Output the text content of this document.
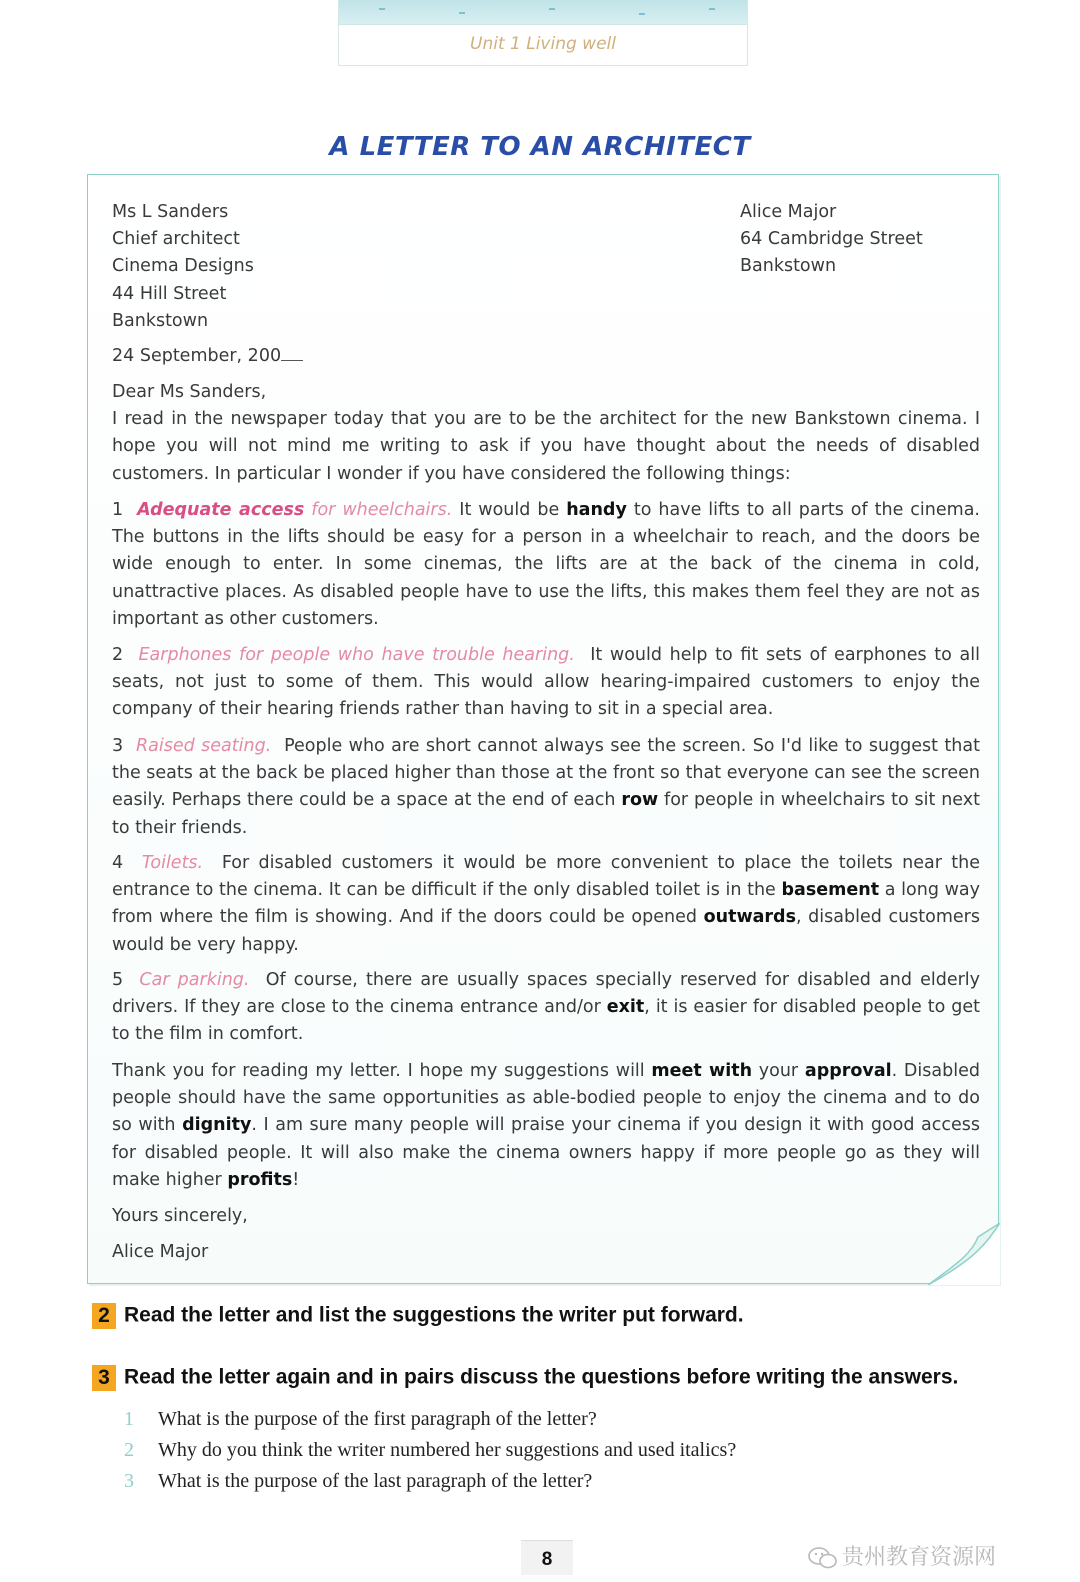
Unit 1 Living well
A LETTER TO AN ARCHITECT
Ms L Sanders
Chief architect
Cinema Designs
44 Hill Street
Bankstown
Alice Major
64 Cambridge Street
Bankstown
24 September, 200

Dear Ms Sanders,

I read in the newspaper today that you are to be the architect for the new Bankstown cinema. I hope you will not mind me writing to ask if you have thought about the needs of disabled customers. In particular I wonder if you have considered the following things:

1 Adequate access for wheelchairs. It would be handy to have lifts to all parts of the cinema. The buttons in the lifts should be easy for a person in a wheelchair to reach, and the doors be wide enough to enter. In some cinemas, the lifts are at the back of the cinema in cold, unattractive places. As disabled people have to use the lifts, this makes them feel they are not as important as other customers.

2 Earphones for people who have trouble hearing. It would help to fit sets of earphones to all seats, not just to some of them. This would allow hearing-impaired customers to enjoy the company of their hearing friends rather than having to sit in a special area.

3 Raised seating. People who are short cannot always see the screen. So I'd like to suggest that the seats at the back be placed higher than those at the front so that everyone can see the screen easily. Perhaps there could be a space at the end of each row for people in wheelchairs to sit next to their friends.

4 Toilets. For disabled customers it would be more convenient to place the toilets near the entrance to the cinema. It can be difficult if the only disabled toilet is in the basement a long way from where the film is showing. And if the doors could be opened outwards, disabled customers would be very happy.

5 Car parking. Of course, there are usually spaces specially reserved for disabled and elderly drivers. If they are close to the cinema entrance and/or exit, it is easier for disabled people to get to the film in comfort.

Thank you for reading my letter. I hope my suggestions will meet with your approval. Disabled people should have the same opportunities as able-bodied people to enjoy the cinema and to do so with dignity. I am sure many people will praise your cinema if you design it with good access for disabled people. It will also make the cinema owners happy if more people go as they will make higher profits!

Yours sincerely,
Alice Major
2 Read the letter and list the suggestions the writer put forward.
3 Read the letter again and in pairs discuss the questions before writing the answers.
1 What is the purpose of the first paragraph of the letter?
2 Why do you think the writer numbered her suggestions and used italics?
3 What is the purpose of the last paragraph of the letter?
8	贵州教育资源网
